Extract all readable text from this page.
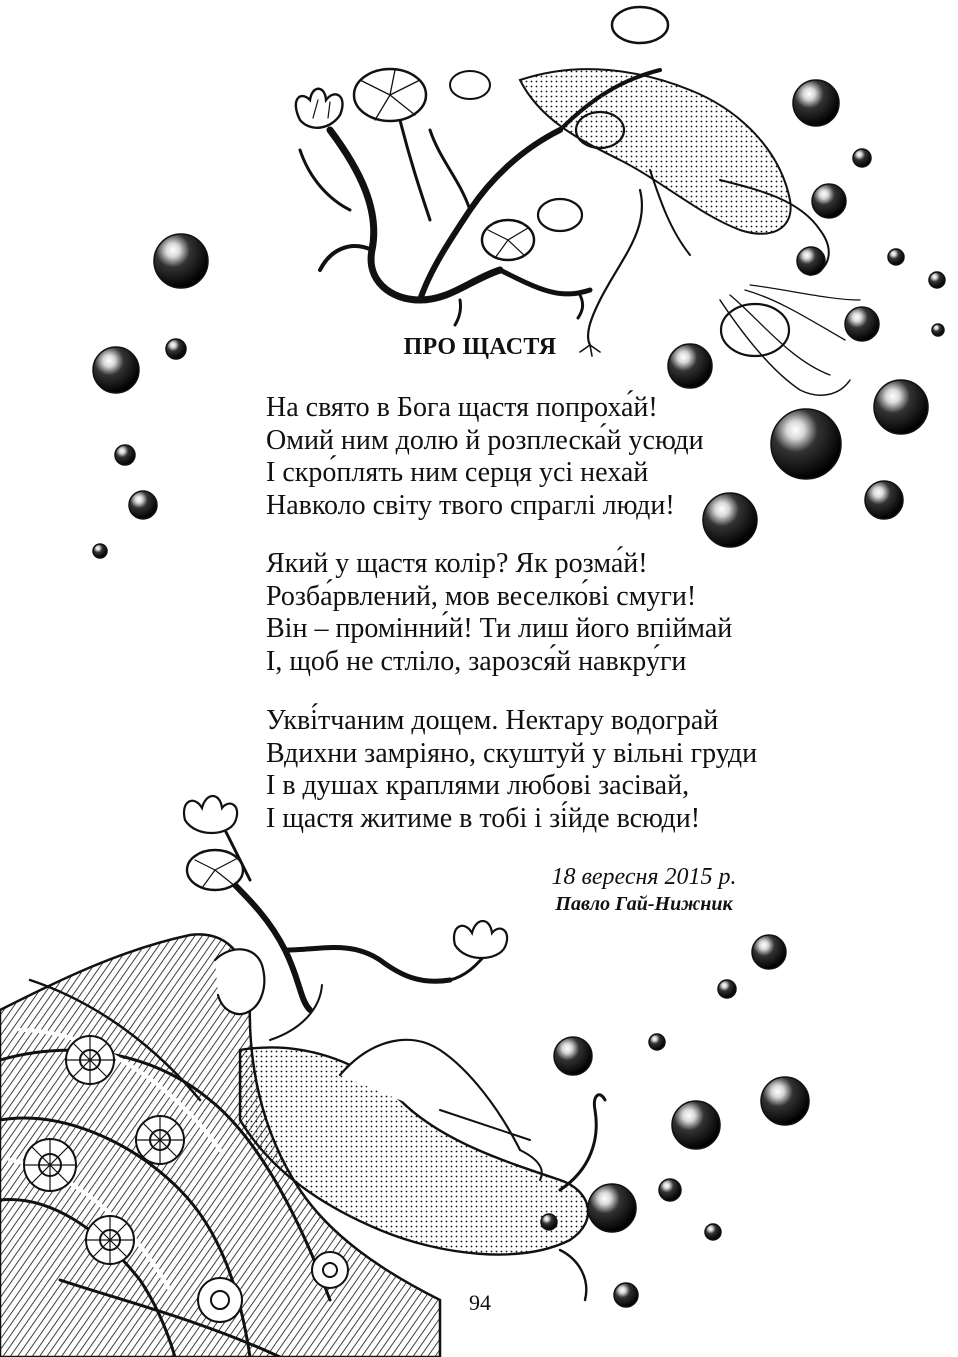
ПРО ЩАСТЯ
На свято в Бога щастя попроха́й!
Омий ним долю й розплеска́й усюди
І скро́плять ним серця усі нехай
Навколо світу твого спраглі люди!
Який у щастя колір? Як розма́й!
Розба́рвлений, мов веселко́ві смуги!
Він – промінни́й! Ти лиш його впіймай
І, щоб не стліло, зарозся́й навкру́ги
Укві́тчаним дощем. Нектару водограй
Вдихни замріяно, скуштуй у вільні груди
І в душах краплями любові засівай,
І щастя житиме в тобі і зі́йде всюди!
18 вересня 2015 р.
Павло Гай-Нижник
94
